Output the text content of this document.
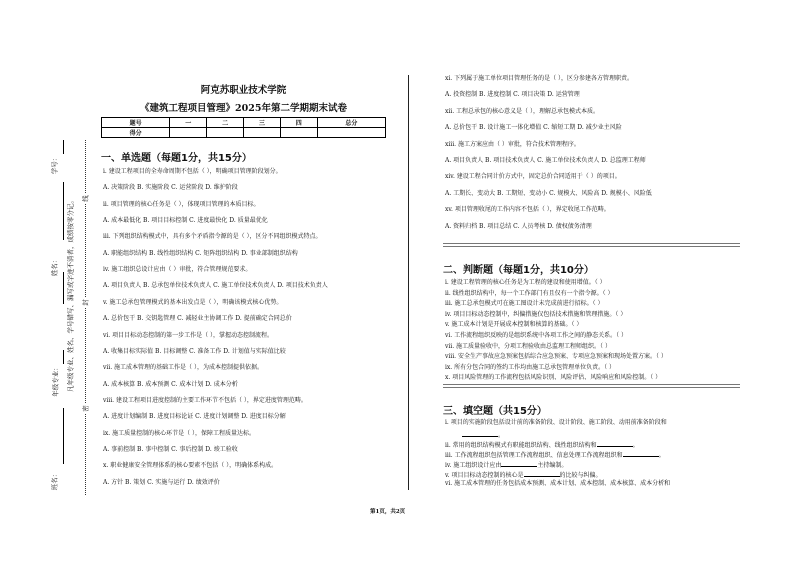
学号：
姓名：
年级专业：
班名：
凡年级专业、姓名、学号错写、漏写或字迹不清者，成绩按零分记。 线
封
密
阿克苏职业技术学院
《建筑工程项目管理》2025年第二学期期末试卷
题号	一	二	三	四	总分
得分					
一、单选题（每题1分，共15分）
i. 建设工程项目的全寿命周期不包括（ ），明确项目管理阶段划分。
A. 决策阶段 B. 实施阶段 C. 运营阶段 D. 维护阶段
ii. 项目管理的核心任务是（ ），体现项目管理的本质目标。
A. 成本最低化 B. 项目目标控制 C. 进度最快化 D. 质量最优化
iii. 下列组织结构模式中，具有多个矛盾指令源的是（ ），区分不同组织模式特点。
A. 职能组织结构 B. 线性组织结构 C. 矩阵组织结构 D. 事业部制组织结构
iv. 施工组织总设计应由（ ）审批，符合管理规范要求。
A. 项目负责人 B. 总承包单位技术负责人 C. 施工单位技术负责人 D. 项目技术负责人
v. 施工总承包管理模式的基本出发点是（ ），明确该模式核心优势。
A. 总价包干 B. 交钥匙管理 C. 减轻业主协调工作 D. 提前确定合同总价
vi. 项目目标动态控制的第一步工作是（ ），掌握动态控制流程。
A. 收集目标实际值 B. 目标调整 C. 准备工作 D. 计划值与实际值比较
vii. 施工成本管理的基础工作是（ ），为成本控制提供依据。
A. 成本核算 B. 成本预测 C. 成本计划 D. 成本分析
viii. 建设工程项目进度控制的主要工作环节不包括（ ），界定进度管理范畴。
A. 进度计划编制 B. 进度目标论证 C. 进度计划调整 D. 进度目标分解
ix. 施工质量控制的核心环节是（ ），保障工程质量达标。
A. 事前控制 B. 事中控制 C. 事后控制 D. 竣工验收
x. 职业健康安全管理体系的核心要素不包括（ ），明确体系构成。
A. 方针 B. 策划 C. 实施与运行 D. 绩效评价
xi. 下列属于施工单位项目管理任务的是（ ），区分参建各方管理职责。
A. 投资控制 B. 进度控制 C. 项目决策 D. 运营管理
xii. 工程总承包的核心意义是（ ），理解总承包模式本质。
A. 总价包干 B. 设计施工一体化增值 C. 缩短工期 D. 减少业主风险
xiii. 施工方案应由（ ）审批，符合技术管理程序。
A. 项目负责人 B. 项目技术负责人 C. 施工单位技术负责人 D. 总监理工程师
xiv. 建设工程合同计价方式中，固定总价合同适用于（ ）的项目。
A. 工期长、变动大 B. 工期短、变动小 C. 规模大、风险高 D. 规模小、风险低
xv. 项目管理收尾的工作内容不包括（ ），界定收尾工作范畴。
A. 资料归档 B. 项目总结 C. 人员考核 D. 债权债务清理
二、判断题（每题1分，共10分）
i. 建设工程管理的核心任务是为工程的建设和使用增值。（ ）
ii. 线性组织结构中，每一个工作部门有且仅有一个指令源。（ ）
iii. 施工总承包模式可在施工图设计未完成前进行招标。（ ）
iv. 项目目标动态控制中，纠偏措施仅包括技术措施和管理措施。（ ）
v. 施工成本计划是开展成本控制和核算的基础。（ ）
vi. 工作流程组织反映的是组织系统中各项工作之间的静态关系。（ ）
vii. 施工质量验收中，分项工程验收由总监理工程师组织。（ ）
viii. 安全生产事故应急预案包括综合应急预案、专项应急预案和现场处置方案。（ ）
ix. 所有分包合同的签约工作均由施工总承包管理单位负责。（ ）
x. 项目风险管理的工作流程包括风险识别、风险评估、风险响应和风险控制。（ ）
三、填空题（共15分）
i. 项目的实施阶段包括设计前的准备阶段、设计阶段、施工阶段、动用前准备阶段和
。
ii. 常用的组织结构模式有职能组织结构、线性组织结构和	。
iii. 工作流程组织包括管理工作流程组织、信息处理工作流程组织和	。
iv. 施工组织设计应由	主持编制。
v. 项目目标动态控制的核心是	的比较与纠偏。
vi. 施工成本管理的任务包括成本预测、成本计划、成本控制、成本核算、成本分析和
第1页，共2页
